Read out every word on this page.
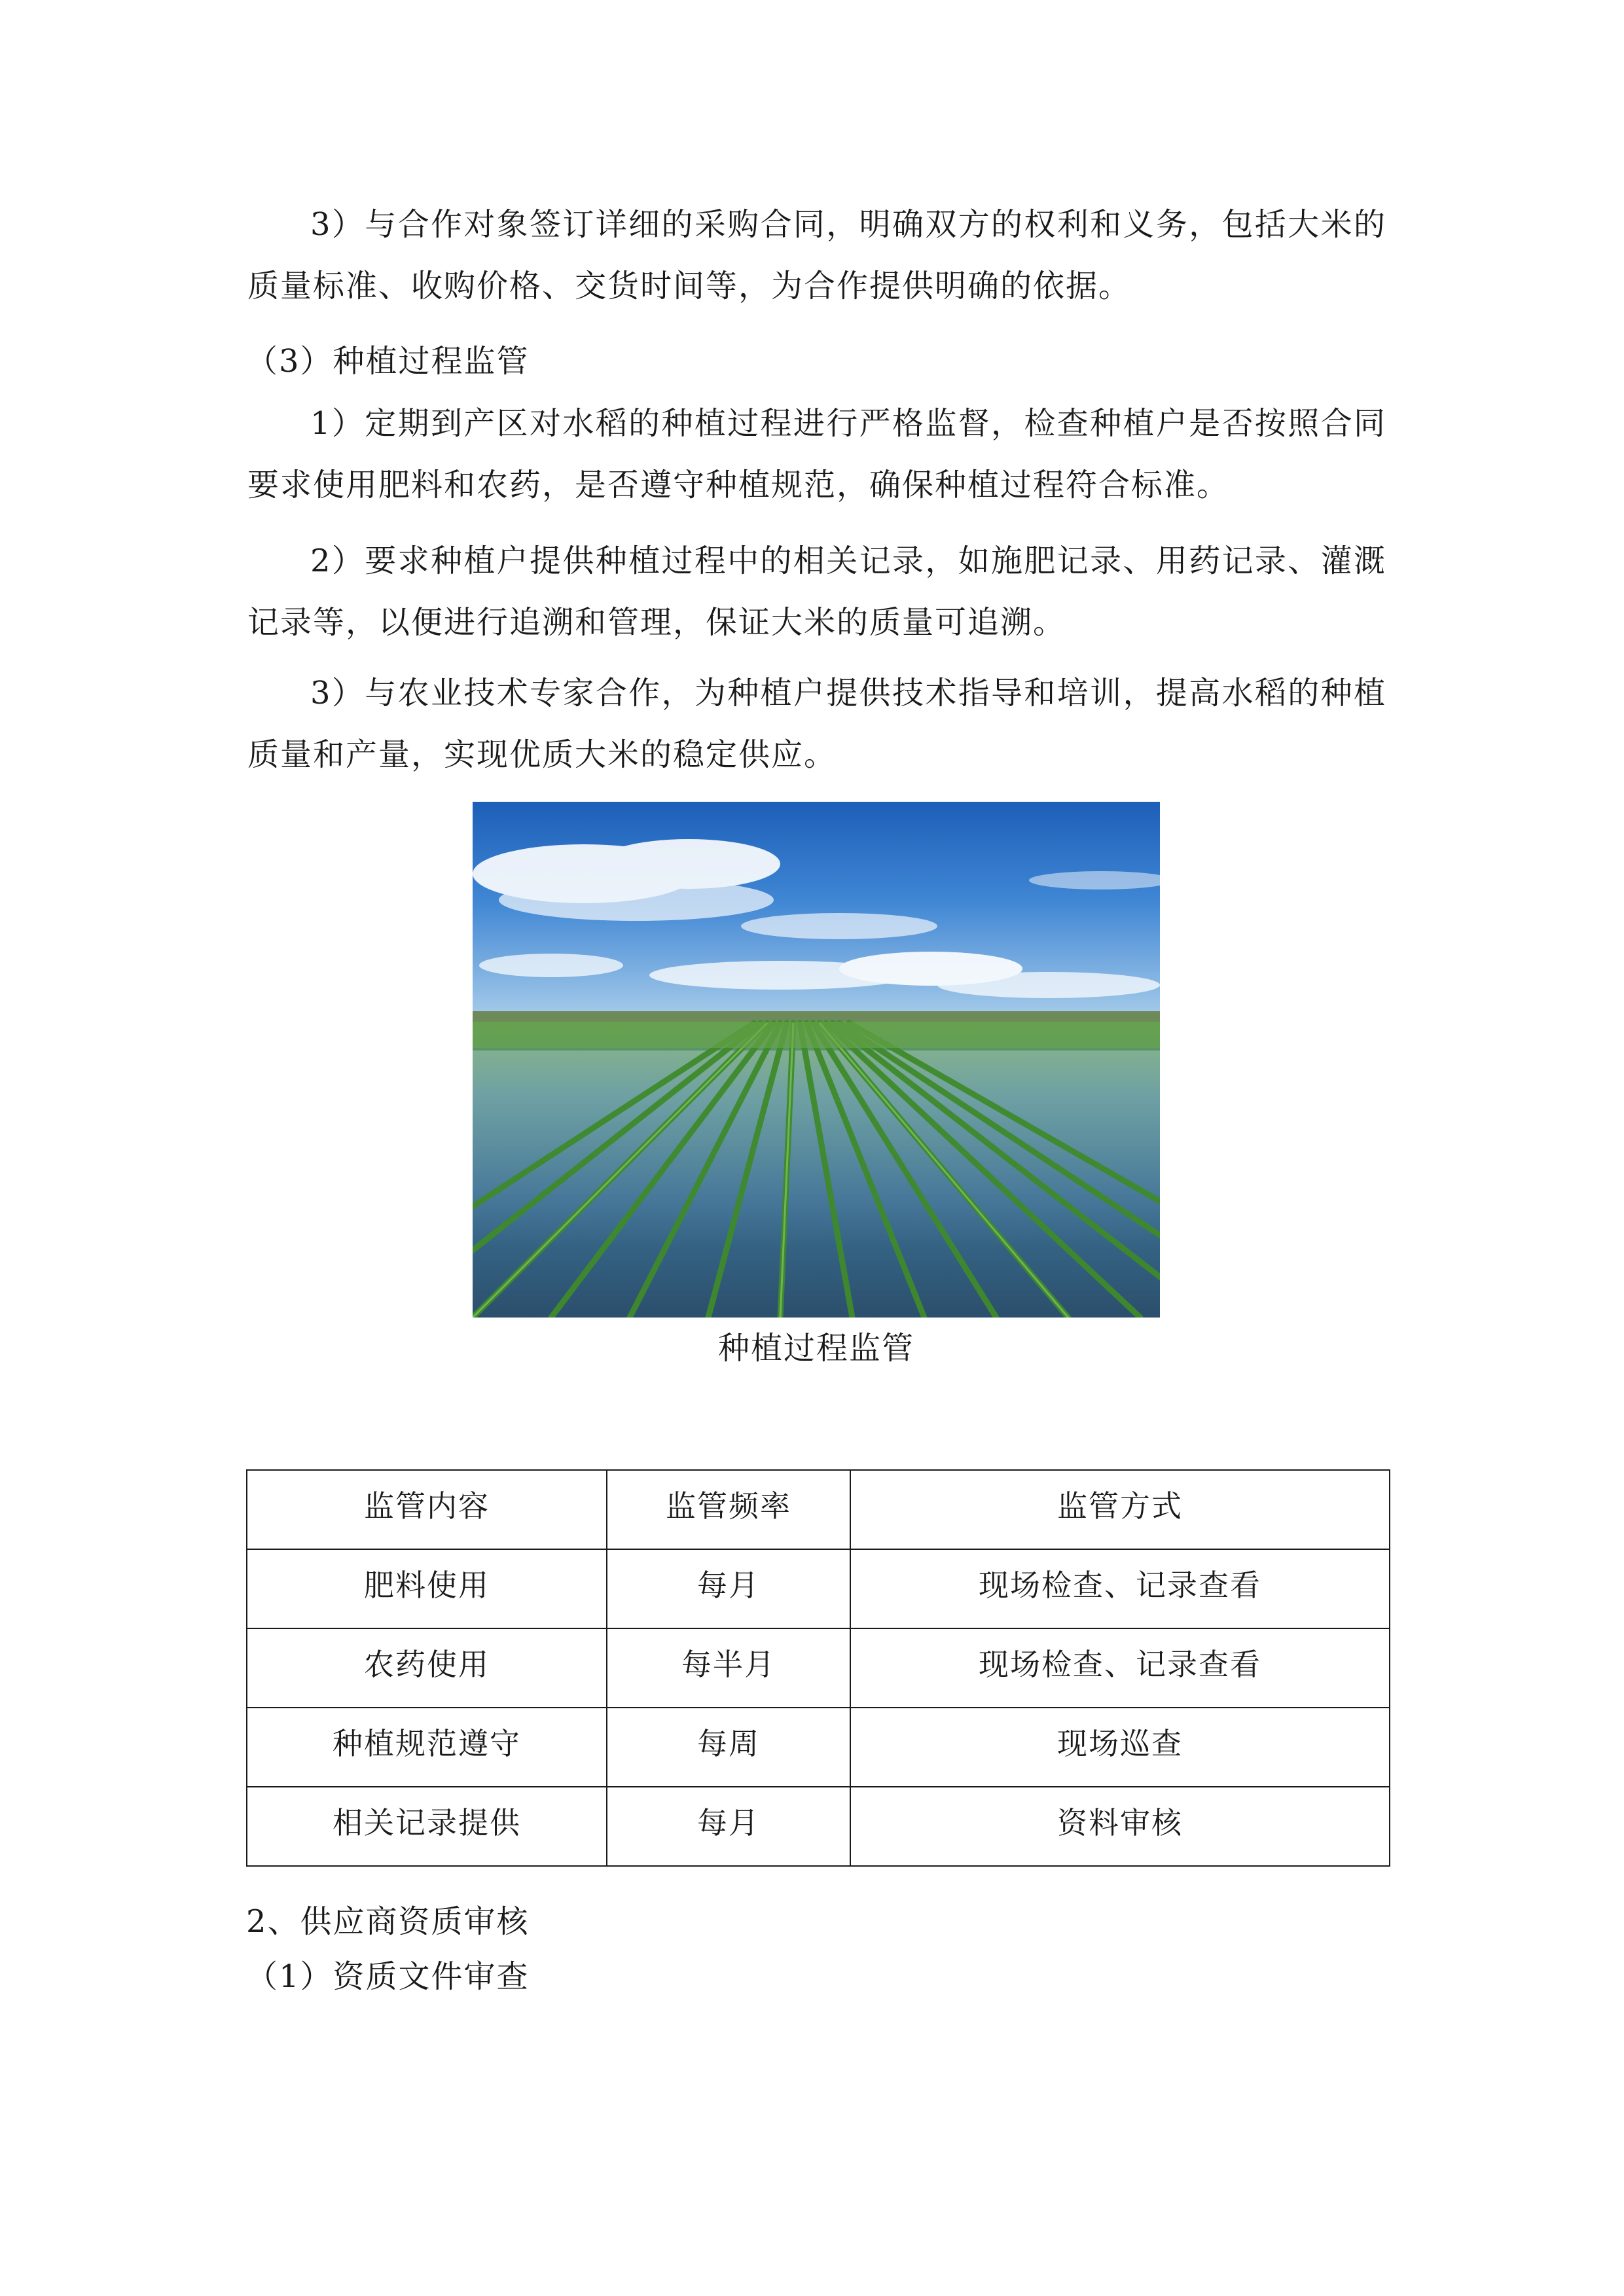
3）与合作对象签订详细的采购合同，明确双方的权利和义务，包括大米的质量标准、收购价格、交货时间等，为合作提供明确的依据。

（3）种植过程监管

1）定期到产区对水稻的种植过程进行严格监督，检查种植户是否按照合同要求使用肥料和农药，是否遵守种植规范，确保种植过程符合标准。

2）要求种植户提供种植过程中的相关记录，如施肥记录、用药记录、灌溉记录等，以便进行追溯和管理，保证大米的质量可追溯。

3）与农业技术专家合作，为种植户提供技术指导和培训，提高水稻的种植质量和产量，实现优质大米的稳定供应。

种植过程监管
监管内容	监管频率	监管方式
肥料使用	每月	现场检查、记录查看
农药使用	每半月	现场检查、记录查看
种植规范遵守	每周	现场巡查
相关记录提供	每月	资料审核

2、供应商资质审核

（1）资质文件审查
